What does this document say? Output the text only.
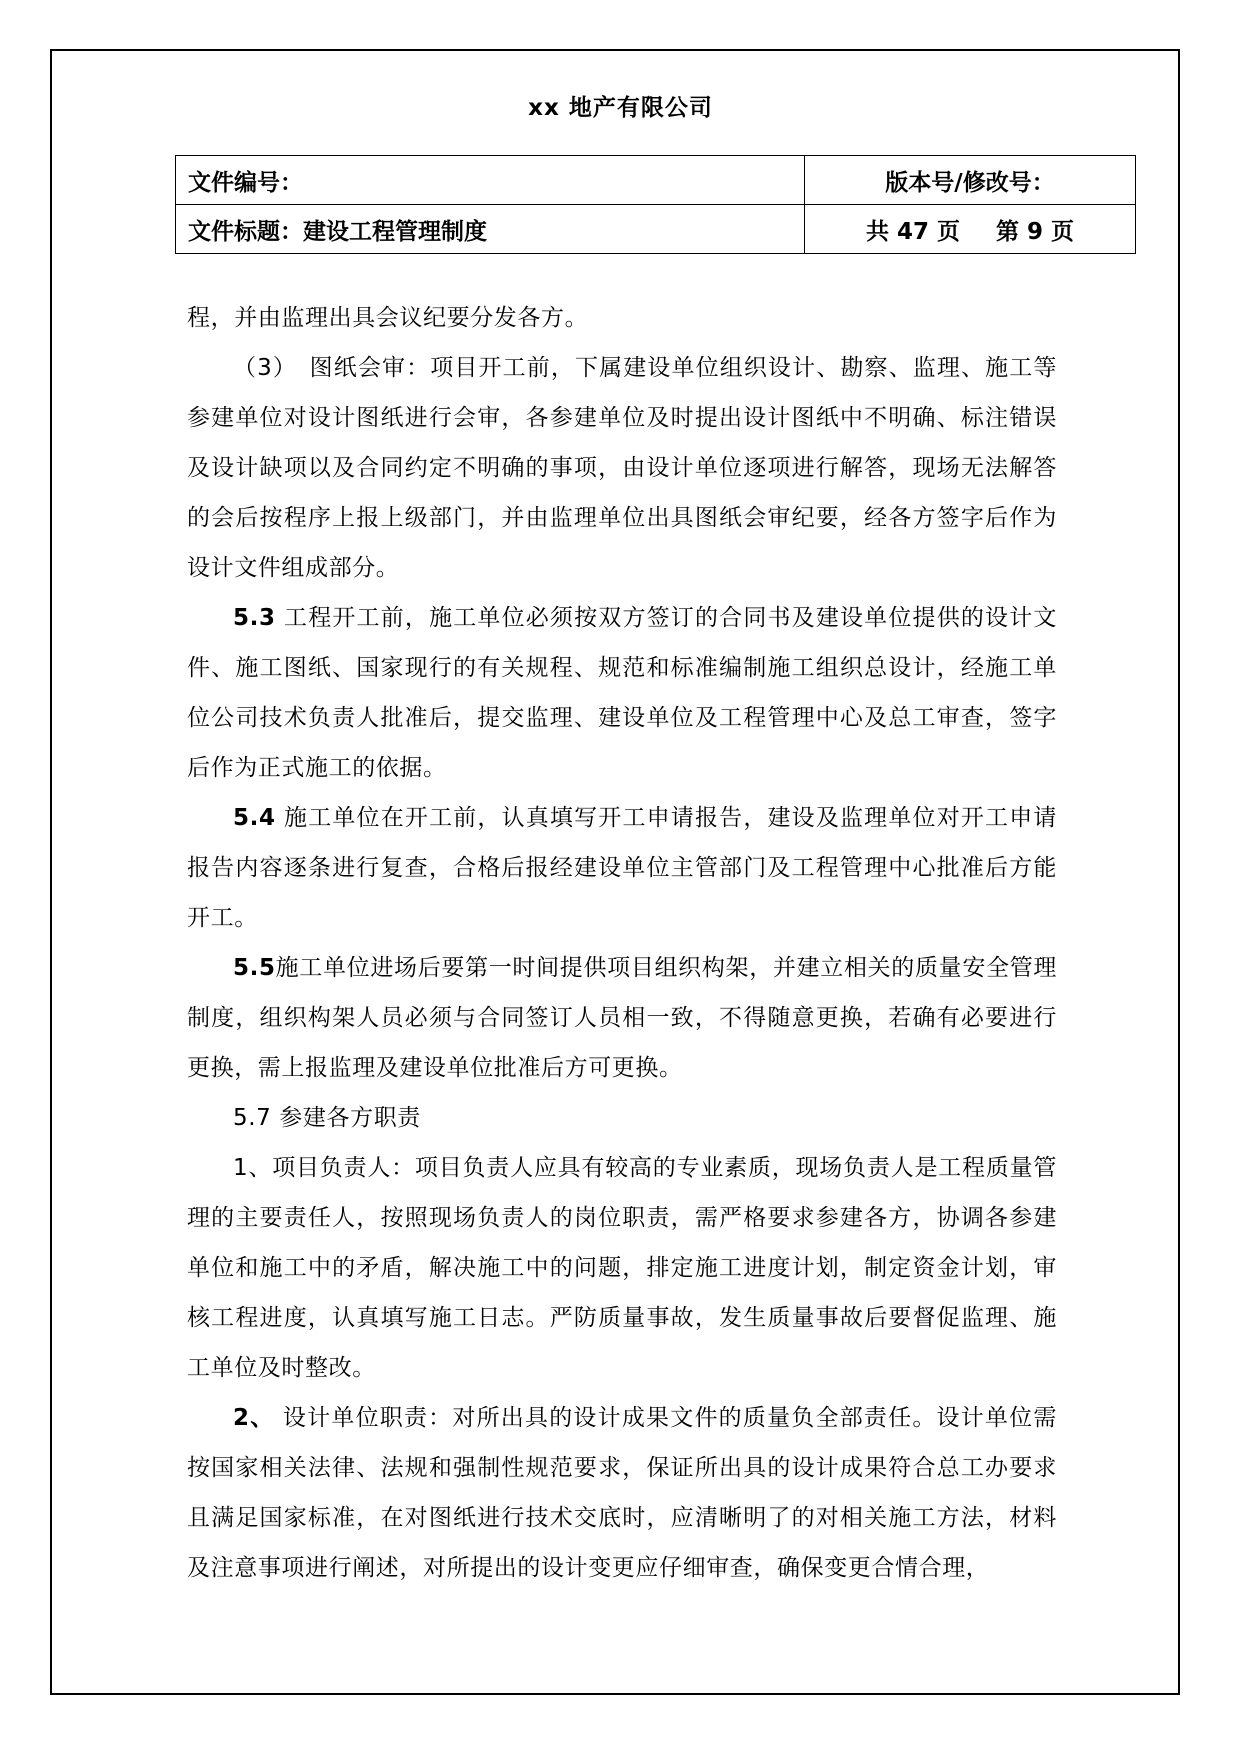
xx 地产有限公司
文件编号：	版本号/修改号：
文件标题：建设工程管理制度	共 47 页 第 9 页

程，并由监理出具会议纪要分发各方。

（3）　图纸会审：项目开工前，下属建设单位组织设计、勘察、监理、施工等参建单位对设计图纸进行会审，各参建单位及时提出设计图纸中不明确、标注错误及设计缺项以及合同约定不明确的事项，由设计单位逐项进行解答，现场无法解答的会后按程序上报上级部门，并由监理单位出具图纸会审纪要，经各方签字后作为设计文件组成部分。

5.3 工程开工前，施工单位必须按双方签订的合同书及建设单位提供的设计文件、施工图纸、国家现行的有关规程、规范和标准编制施工组织总设计，经施工单位公司技术负责人批准后，提交监理、建设单位及工程管理中心及总工审查，签字后作为正式施工的依据。

5.4 施工单位在开工前，认真填写开工申请报告，建设及监理单位对开工申请报告内容逐条进行复查，合格后报经建设单位主管部门及工程管理中心批准后方能开工。

5.5施工单位进场后要第一时间提供项目组织构架，并建立相关的质量安全管理制度，组织构架人员必须与合同签订人员相一致，不得随意更换，若确有必要进行更换，需上报监理及建设单位批准后方可更换。

5.7 参建各方职责

1、项目负责人：项目负责人应具有较高的专业素质，现场负责人是工程质量管理的主要责任人，按照现场负责人的岗位职责，需严格要求参建各方，协调各参建单位和施工中的矛盾，解决施工中的问题，排定施工进度计划，制定资金计划，审核工程进度，认真填写施工日志。严防质量事故，发生质量事故后要督促监理、施工单位及时整改。

2、 设计单位职责：对所出具的设计成果文件的质量负全部责任。设计单位需按国家相关法律、法规和强制性规范要求，保证所出具的设计成果符合总工办要求且满足国家标准，在对图纸进行技术交底时，应清晰明了的对相关施工方法，材料及注意事项进行阐述，对所提出的设计变更应仔细审查，确保变更合情合理，
